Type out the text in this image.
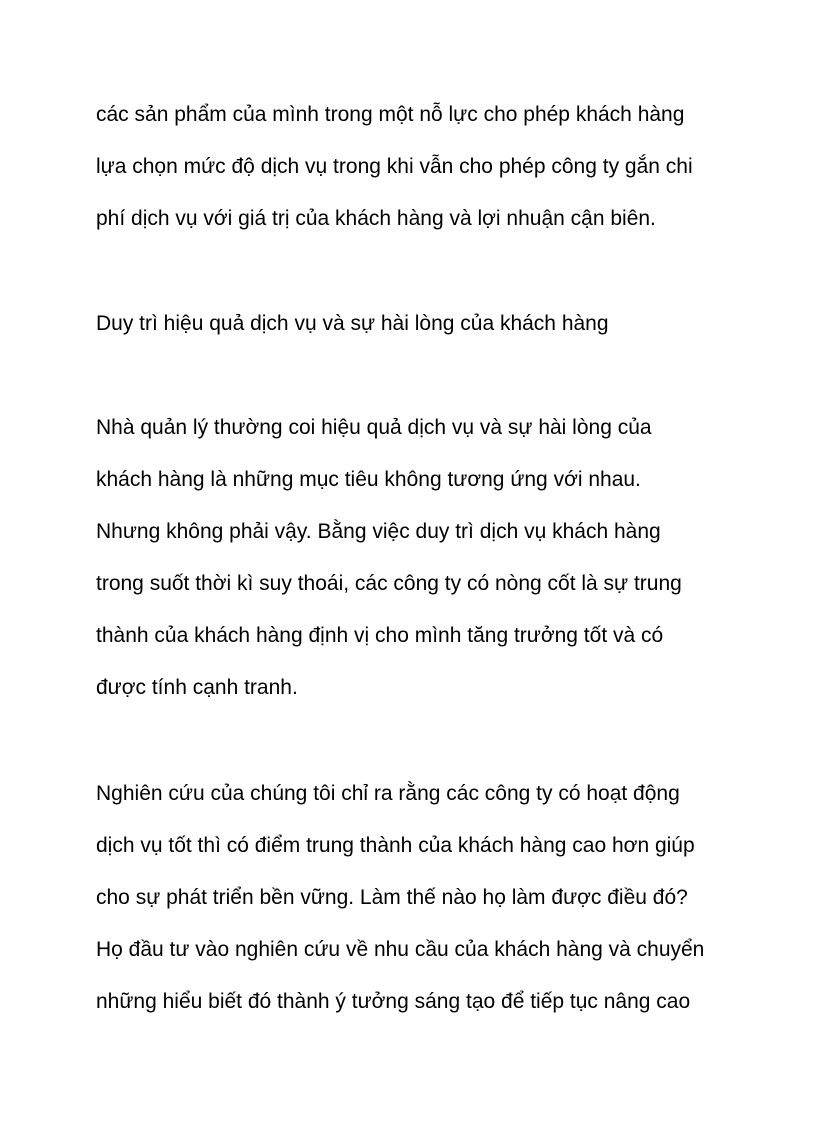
các sản phẩm của mình trong một nỗ lực cho phép khách hàng

lựa chọn mức độ dịch vụ trong khi vẫn cho phép công ty gắn chi

phí dịch vụ với giá trị của khách hàng và lợi nhuận cận biên.

Duy trì hiệu quả dịch vụ và sự hài lòng của khách hàng

Nhà quản lý thường coi hiệu quả dịch vụ và sự hài lòng của

khách hàng là những mục tiêu không tương ứng với nhau.

Nhưng không phải vậy. Bằng việc duy trì dịch vụ khách hàng

trong suốt thời kì suy thoái, các công ty có nòng cốt là sự trung

thành của khách hàng định vị cho mình tăng trưởng tốt và có

được tính cạnh tranh.

Nghiên cứu của chúng tôi chỉ ra rằng các công ty có hoạt động

dịch vụ tốt thì có điểm trung thành của khách hàng cao hơn giúp

cho sự phát triển bền vững. Làm thế nào họ làm được điều đó?

Họ đầu tư vào nghiên cứu về nhu cầu của khách hàng và chuyển

những hiểu biết đó thành ý tưởng sáng tạo để tiếp tục nâng cao
